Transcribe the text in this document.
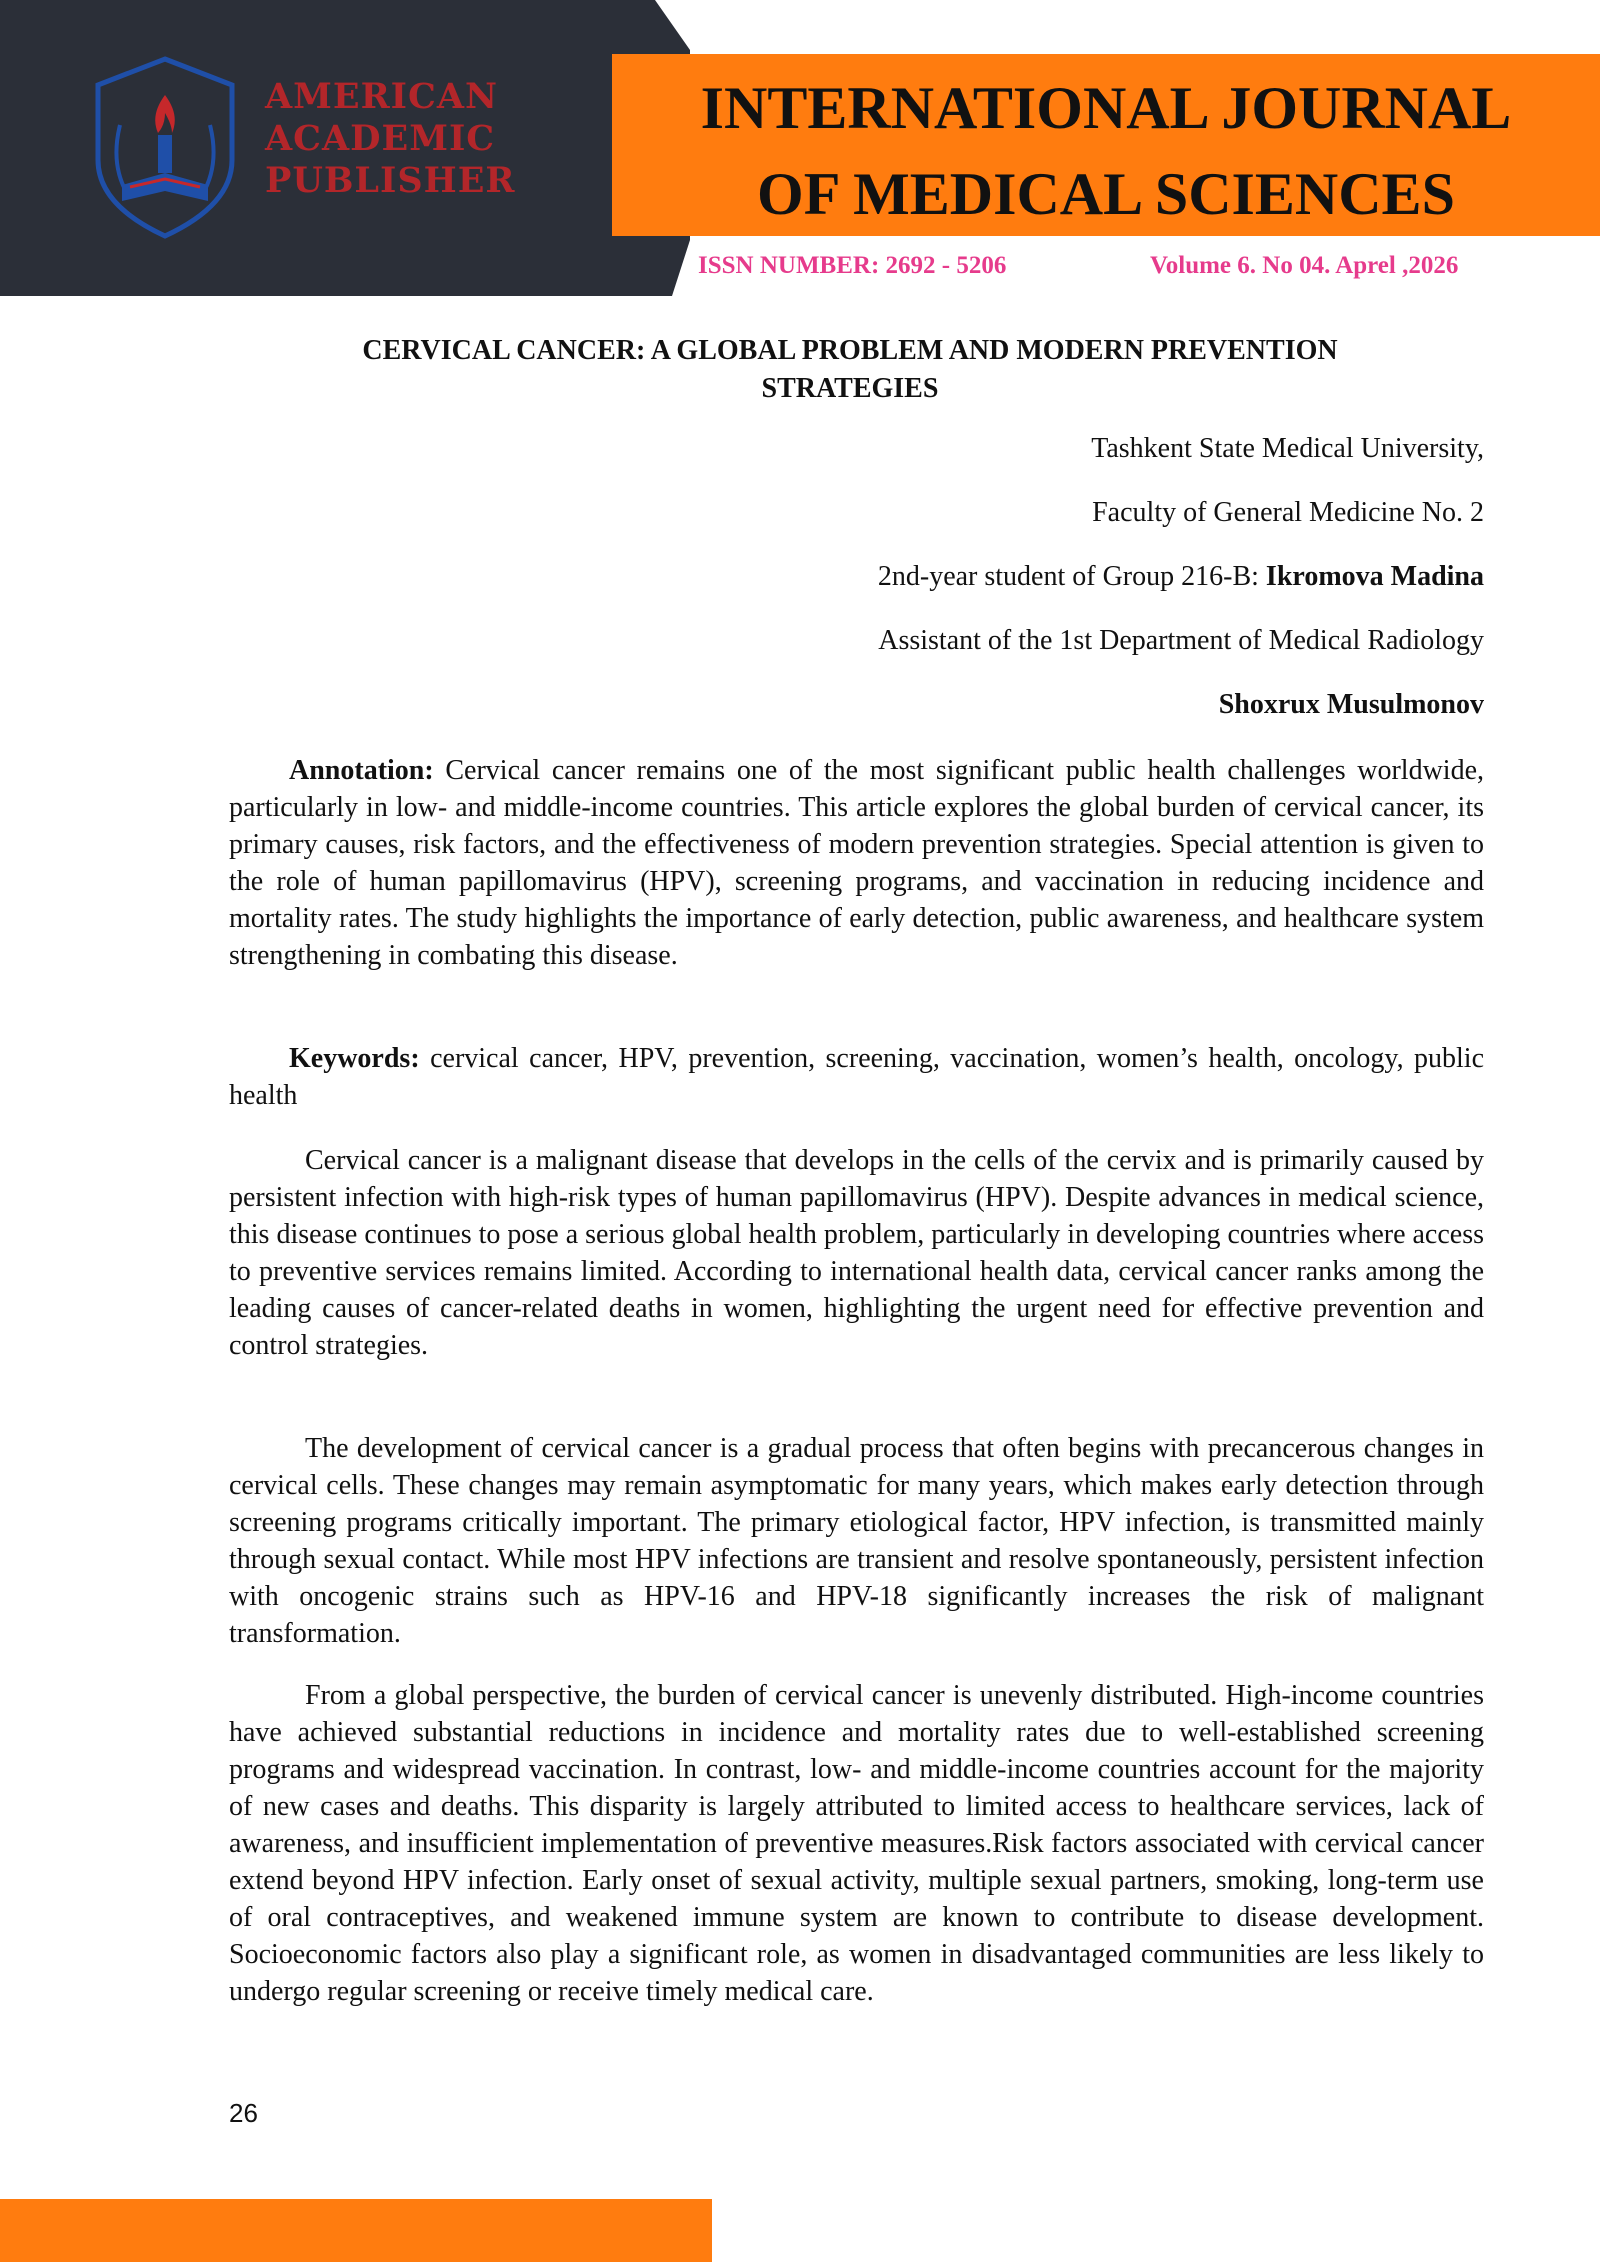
AMERICAN
ACADEMIC
PUBLISHER
INTERNATIONAL JOURNAL
OF MEDICAL SCIENCES
ISSN NUMBER: 2692 - 5206	Volume 6. No 04. Aprel ,2026
CERVICAL CANCER: A GLOBAL PROBLEM AND MODERN PREVENTION STRATEGIES
Tashkent State Medical University,
Faculty of General Medicine No. 2
2nd-year student of Group 216-B: Ikromova Madina
Assistant of the 1st Department of Medical Radiology
Shoxrux Musulmonov

Annotation: Cervical cancer remains one of the most significant public health challenges worldwide, particularly in low- and middle-income countries. This article explores the global burden of cervical cancer, its primary causes, risk factors, and the effectiveness of modern prevention strategies. Special attention is given to the role of human papillomavirus (HPV), screening programs, and vaccination in reducing incidence and mortality rates. The study highlights the importance of early detection, public awareness, and healthcare system strengthening in combating this disease.

Keywords: cervical cancer, HPV, prevention, screening, vaccination, women’s health, oncology, public health

Cervical cancer is a malignant disease that develops in the cells of the cervix and is primarily caused by persistent infection with high-risk types of human papillomavirus (HPV). Despite advances in medical science, this disease continues to pose a serious global health problem, particularly in developing countries where access to preventive services remains limited. According to international health data, cervical cancer ranks among the leading causes of cancer-related deaths in women, highlighting the urgent need for effective prevention and control strategies.

The development of cervical cancer is a gradual process that often begins with precancerous changes in cervical cells. These changes may remain asymptomatic for many years, which makes early detection through screening programs critically important. The primary etiological factor, HPV infection, is transmitted mainly through sexual contact. While most HPV infections are transient and resolve spontaneously, persistent infection with oncogenic strains such as HPV-16 and HPV-18 significantly increases the risk of malignant transformation.

From a global perspective, the burden of cervical cancer is unevenly distributed. High-income countries have achieved substantial reductions in incidence and mortality rates due to well-established screening programs and widespread vaccination. In contrast, low- and middle-income countries account for the majority of new cases and deaths. This disparity is largely attributed to limited access to healthcare services, lack of awareness, and insufficient implementation of preventive measures.Risk factors associated with cervical cancer extend beyond HPV infection. Early onset of sexual activity, multiple sexual partners, smoking, long-term use of oral contraceptives, and weakened immune system are known to contribute to disease development. Socioeconomic factors also play a significant role, as women in disadvantaged communities are less likely to undergo regular screening or receive timely medical care.

26
